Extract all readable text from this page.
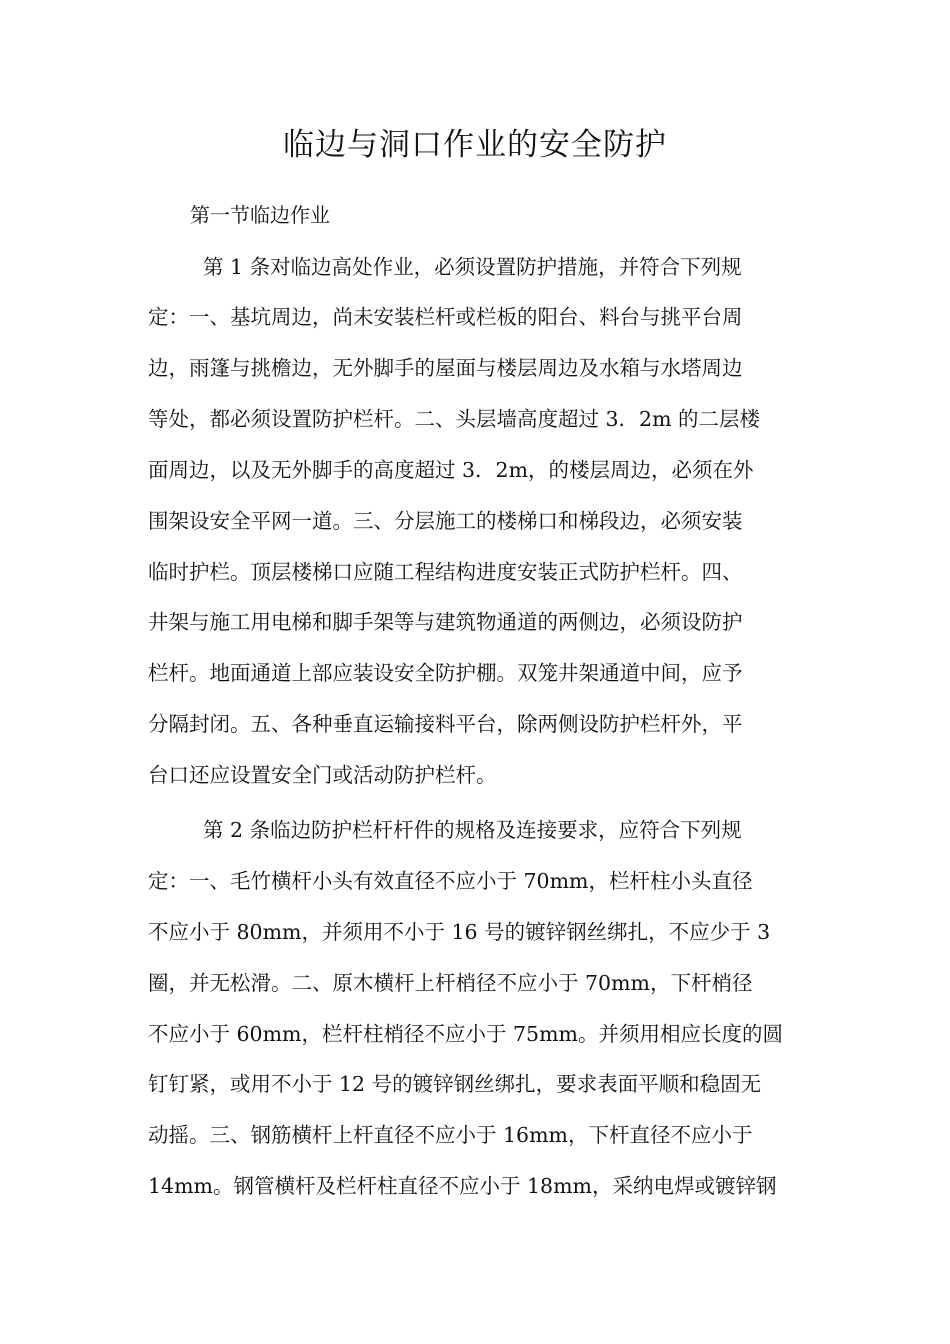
临边与洞口作业的安全防护

第一节临边作业

第 1 条对临边高处作业，必须设置防护措施，并符合下列规

定：一、基坑周边，尚未安装栏杆或栏板的阳台、料台与挑平台周

边，雨篷与挑檐边，无外脚手的屋面与楼层周边及水箱与水塔周边

等处，都必须设置防护栏杆。二、头层墙高度超过 3．2m 的二层楼

面周边，以及无外脚手的高度超过 3．2m，的楼层周边，必须在外

围架设安全平网一道。三、分层施工的楼梯口和梯段边，必须安装

临时护栏。顶层楼梯口应随工程结构进度安装正式防护栏杆。四、

井架与施工用电梯和脚手架等与建筑物通道的两侧边，必须设防护

栏杆。地面通道上部应装设安全防护棚。双笼井架通道中间，应予

分隔封闭。五、各种垂直运输接料平台，除两侧设防护栏杆外，平

台口还应设置安全门或活动防护栏杆。

第 2 条临边防护栏杆杆件的规格及连接要求，应符合下列规

定：一、毛竹横杆小头有效直径不应小于 70mm，栏杆柱小头直径

不应小于 80mm，并须用不小于 16 号的镀锌钢丝绑扎，不应少于 3

圈，并无松滑。二、原木横杆上杆梢径不应小于 70mm，下杆梢径

不应小于 60mm，栏杆柱梢径不应小于 75mm。并须用相应长度的圆

钉钉紧，或用不小于 12 号的镀锌钢丝绑扎，要求表面平顺和稳固无

动摇。三、钢筋横杆上杆直径不应小于 16mm，下杆直径不应小于

14mm。钢管横杆及栏杆柱直径不应小于 18mm，采纳电焊或镀锌钢
